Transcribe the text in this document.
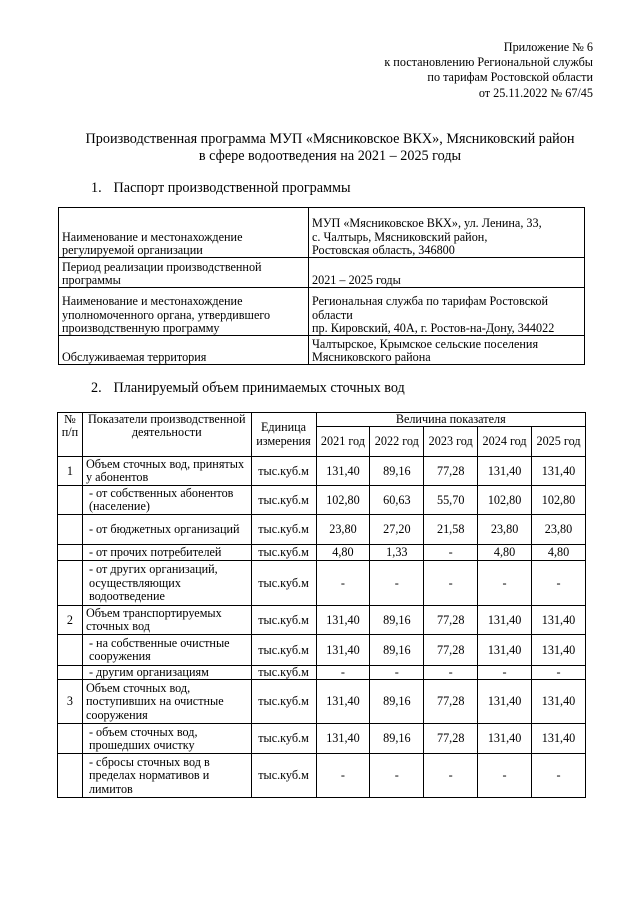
Приложение № 6
к постановлению Региональной службы
по тарифам Ростовской области
от 25.11.2022 № 67/45
Производственная программа МУП «Мясниковское ВКХ», Мясниковский район
в сфере водоотведения на 2021 – 2025 годы
1. Паспорт производственной программы
Наименование и местонахождение регулируемой организации	МУП «Мясниковское ВКХ», ул. Ленина, 33,
с. Чалтырь, Мясниковский район,
Ростовская область, 346800

Период реализации производственной программы	2021 – 2025 годы

Наименование и местонахождение уполномоченного органа, утвердившего производственную программу	Региональная служба по тарифам Ростовской области
пр. Кировский, 40А, г. Ростов-на-Дону, 344022

Обслуживаемая территория	Чалтырское, Крымское сельские поселения
Мясниковского района
2. Планируемый объем принимаемых сточных вод
№ п/п	Показатели производственной деятельности	Единица измерения	Величина показателя				
			2021 год	2022 год	2023 год	2024 год	2025 год
1	Объем сточных вод, принятых у абонентов	тыс.куб.м	131,40	89,16	77,28	131,40	131,40
	- от собственных абонентов (население)	тыс.куб.м	102,80	60,63	55,70	102,80	102,80
	- от бюджетных организаций	тыс.куб.м	23,80	27,20	21,58	23,80	23,80
	- от прочих потребителей	тыс.куб.м	4,80	1,33	-	4,80	4,80
	- от других организаций, осуществляющих водоотведение	тыс.куб.м	-	-	-	-	-
2	Объем транспортируемых сточных вод	тыс.куб.м	131,40	89,16	77,28	131,40	131,40
	- на собственные очистные сооружения	тыс.куб.м	131,40	89,16	77,28	131,40	131,40
	- другим организациям	тыс.куб.м	-	-	-	-	-
3	Объем сточных вод, поступивших на очистные сооружения	тыс.куб.м	131,40	89,16	77,28	131,40	131,40
	- объем сточных вод, прошедших очистку	тыс.куб.м	131,40	89,16	77,28	131,40	131,40
	- сбросы сточных вод в пределах нормативов и лимитов	тыс.куб.м	-	-	-	-	-
